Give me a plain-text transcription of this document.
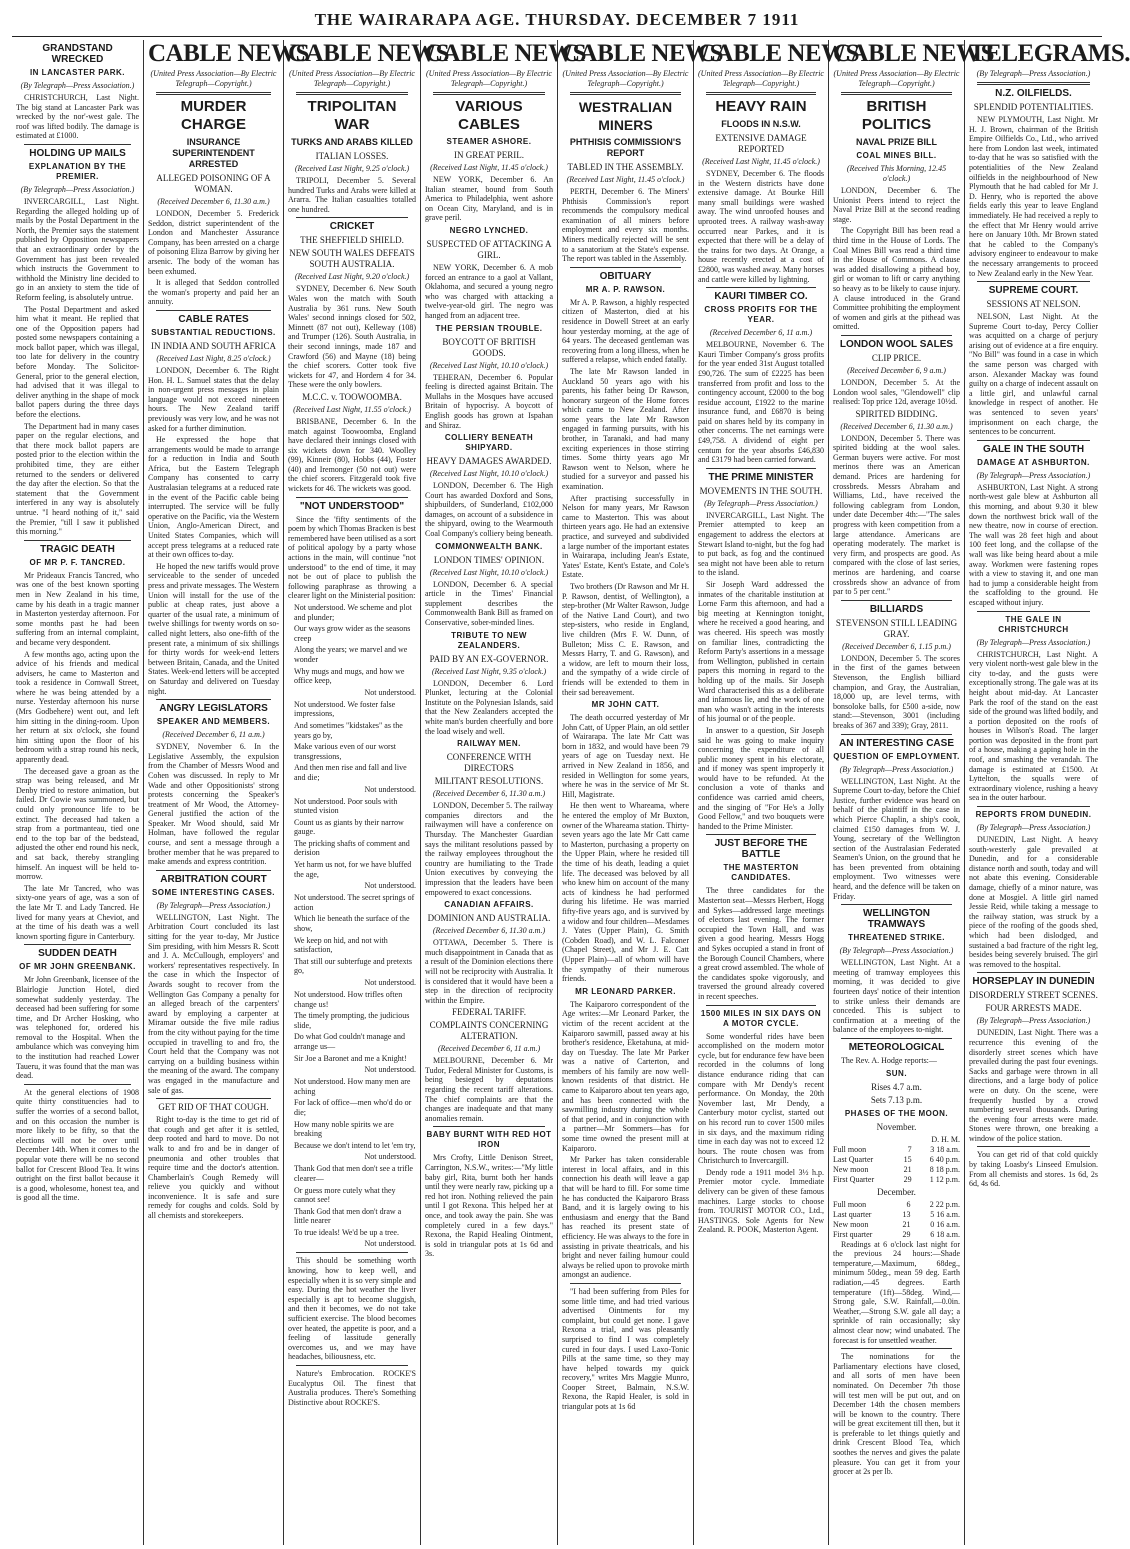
THE WAIRARAPA AGE. THURSDAY. DECEMBER 7 1911
GRANDSTAND WRECKED
IN LANCASTER PARK.
(By Telegraph—Press Association.)

CHRISTCHURCH, Last Night. The big stand at Lancaster Park was wrecked by the nor'-west gale. The roof was lifted bodily. The damage is estimated at £1000.

HOLDING UP MAILS
EXPLANATION BY THE PREMIER.
(By Telegraph—Press Association.)

INVERCARGILL, Last Night. Regarding the alleged holding up of mails by the Postal Department in the North, the Premier says the statement published by Opposition newspapers that an extraordinary order by the Government has just been revealed which instructs the Government to withhold the Ministry line decided to go in an anxiety to stem the tide of Reform feeling, is absolutely untrue.

The Postal Department and asked him what it meant. He replied that one of the Opposition papers had posted some newspapers containing a mock ballot paper, which was illegal, too late for delivery in the country before Monday. The Solicitor-General, prior to the general election, had advised that it was illegal to deliver anything in the shape of mock ballot papers during the three days before the elections.

The Department had in many cases paper on the regular elections, and that there mock ballot papers are posted prior to the election within the prohibited time, they are either returned to the senders or delivered the day after the election. So that the statement that the Government interfered in any way is absolutely untrue. "I heard nothing of it," said the Premier, "till I saw it published this morning."

TRAGIC DEATH
OF MR P. F. TANCRED.

Mr Prideaux Francis Tancred, who was one of the best known sporting men in New Zealand in his time, came by his death in a tragic manner in Masterton yesterday afternoon. For some months past he had been suffering from an internal complaint, and became very despondent.

A few months ago, acting upon the advice of his friends and medical advisers, he came to Masterton and took a residence in Cornwall Street, where he was being attended by a nurse. Yesterday afternoon his nurse (Mrs Godbehere) went out, and left him sitting in the dining-room. Upon her return at six o'clock, she found him sitting upon the floor of his bedroom with a strap round his neck, apparently dead.

The deceased gave a groan as the strap was being released, and Mr Denby tried to restore animation, but failed. Dr Cowie was summoned, but could only pronounce life to be extinct. The deceased had taken a strap from a portmanteau, tied one end to the top bar of the bedstead, adjusted the other end round his neck, and sat back, thereby strangling himself. An inquest will be held to-morrow.

The late Mr Tancred, who was sixty-one years of age, was a son of the late Mr T. and Lady Tancred. He lived for many years at Cheviot, and at the time of his death was a well known sporting figure in Canterbury.

SUDDEN DEATH
OF MR JOHN GREENBANK.

Mr John Greenbank, licensee of the Blairlogie Junction Hotel, died somewhat suddenly yesterday. The deceased had been suffering for some time, and Dr Archer Hosking, who was telephoned for, ordered his removal to the Hospital. When the ambulance which was conveying him to the institution had reached Lower Taueru, it was found that the man was dead.

At the general elections of 1908 quite thirty constituencies had to suffer the worries of a second ballot, and on this occasion the number is more likely to be fifty, so that the elections will not be over until December 14th. When it comes to the popular vote there will be no second ballot for Crescent Blood Tea. It wins outright on the first ballot because it is a good, wholesome, honest tea, and is good all the time.

CABLE NEWS
(United Press Association—By Electric Telegraph—Copyright.)
MURDER CHARGE
INSURANCE SUPERINTENDENT ARRESTED
ALLEGED POISONING OF A WOMAN.
(Received December 6, 11.30 a.m.)

LONDON, December 5. Frederick Seddon, district superintendent of the London and Manchester Assurance Company, has been arrested on a charge of poisoning Eliza Barrow by giving her arsenic. The body of the woman has been exhumed.

It is alleged that Seddon controlled the woman's property and paid her an annuity.

CABLE RATES
SUBSTANTIAL REDUCTIONS.
IN INDIA AND SOUTH AFRICA
(Received Last Night, 8.25 o'clock.)

LONDON, December 6. The Right Hon. H. L. Samuel states that the delay in non-urgent press messages in plain language would not exceed nineteen hours. The New Zealand tariff previously was very low, and he was not asked for a further diminution.

He expressed the hope that arrangements would be made to arrange for a reduction in India and South Africa, but the Eastern Telegraph Company has consented to carry Australasian telegrams at a reduced rate in the event of the Pacific cable being interrupted. The service will be fully operative on the Pacific, via the Western Union, Anglo-American Direct, and United States Companies, which will accept press telegrams at a reduced rate at their own offices to-day.

He hoped the new tariffs would prove serviceable to the sender of unceded press and private messages. The Western Union will install for the use of the public at cheap rates, just above a quarter of the usual rate, a minimum of twelve shillings for twenty words on so-called night letters, also one-fifth of the present rate, a minimum of six shillings for thirty words for week-end letters between Britain, Canada, and the United States. Week-end letters will be accepted on Saturday and delivered on Tuesday night.

ANGRY LEGISLATORS
SPEAKER AND MEMBERS.
(Received December 6, 11 a.m.)

SYDNEY, November 6. In the Legislative Assembly, the expulsion from the Chamber of Messrs Wood and Cohen was discussed. In reply to Mr Wade and other Oppositionists' strong protests concerning the Speaker's treatment of Mr Wood, the Attorney-General justified the action of the Speaker. Mr Wood should, said Mr Holman, have followed the regular course, and sent a message through a brother member that he was prepared to make amends and express contrition.

ARBITRATION COURT
SOME INTERESTING CASES.
(By Telegraph—Press Association.)

WELLINGTON, Last Night. The Arbitration Court concluded its last sitting for the year to-day, Mr Justice Sim presiding, with him Messrs R. Scott and J. A. McCullough, employers' and workers' representatives respectively. In the case in which the Inspector of Awards sought to recover from the Wellington Gas Company a penalty for an alleged breach of the carpenters' award by employing a carpenter at Miramar outside the five mile radius from the city without paying for the time occupied in travelling to and fro, the Court held that the Company was not carrying on a building business within the meaning of the award. The company was engaged in the manufacture and sale of gas.

GET RID OF THAT COUGH.

Right to-day is the time to get rid of that cough and get after it is settled, deep rooted and hard to move. Do not walk to and fro and be in danger of pneumonia and other troubles that require time and the doctor's attention. Chamberlain's Cough Remedy will relieve you quickly and without inconvenience. It is safe and sure remedy for coughs and colds. Sold by all chemists and storekeepers.

CABLE NEWS
(United Press Association—By Electric Telegraph—Copyright.)
TRIPOLITAN WAR
TURKS AND ARABS KILLED
ITALIAN LOSSES.
(Received Last Night, 9.25 o'clock.)

TRIPOLI, December 5. Several hundred Turks and Arabs were killed at Ararra. The Italian casualties totalled one hundred.

CRICKET
THE SHEFFIELD SHIELD.
NEW SOUTH WALES DEFEATS SOUTH AUSTRALIA.
(Received Last Night, 9.20 o'clock.)

SYDNEY, December 6. New South Wales won the match with South Australia by 361 runs. New South Wales' second innings closed for 502, Minnett (87 not out), Kelleway (108) and Trumper (126). South Australia, in their second innings, made 187 and Crawford (56) and Mayne (18) being the chief scorers. Cotter took five wickets for 47, and Hordern 4 for 34. These were the only bowlers.

M.C.C. v. TOOWOOMBA.
(Received Last Night, 11.55 o'clock.)

BRISBANE, December 6. In the match against Toowoomba, England have declared their innings closed with six wickets down for 340. Woolley (99), Kinneir (80), Hobbs (44), Foster (40) and Iremonger (50 not out) were the chief scorers. Fitzgerald took five wickets for 46. The wickets was good.

"NOT UNDERSTOOD"

Since the 'fifty sentiments of the poem by which Thomas Bracken is best remembered have been utilised as a sort of political apology by a party whose actions in the main, will continue "not understood" to the end of time, it may not be out of place to publish the following paraphrase as throwing a clearer light on the Ministerial position:

Not understood. We scheme and plot and plunder;

Our ways grow wider as the seasons creep

Along the years; we marvel and we wonder

Why mugs and mugs, and how we office keep,

Not understood.

Not understood. We foster false impressions,

And sometimes "kidstakes" as the years go by,

Make various even of our worst transgressions,

And then men rise and fall and live and die;

Not understood.

Not understood. Poor souls with stunted vision

Count us as giants by their narrow gauge.

The pricking shafts of comment and derision

Yet harm us not, for we have bluffed the age,

Not understood.

Not understood. The secret springs of action

Which lie beneath the surface of the show,

We keep on hid, and not with satisfaction,

That still our subterfuge and pretexts go,

Not understood.

Not understood. How trifles often change us!

The timely prompting, the judicious slide,

Do what God couldn't manage and arrange us—

Sir Joe a Baronet and me a Knight!

Not understood.

Not understood. How many men are aching

For lack of office—men who'd do or die;

How many noble spirits we are breaking

Because we don't intend to let 'em try,

Not understood.

Thank God that men don't see a trifle clearer—

Or guess more cutely what they cannot see!

Thank God that men don't draw a little nearer

To true ideals! We'd be up a tree.

Not understood.

This should be something worth knowing, how to keep well, and especially when it is so very simple and easy. During the hot weather the liver especially is apt to become sluggish, and then it becomes, we do not take sufficient exercise. The blood becomes over heated, the appetite is poor, and a feeling of lassitude generally overcomes us, and we may have headaches, biliousness, etc.

Nature's Embrocation. ROCKE'S Eucalyptus Oil. The finest that Australia produces. There's Something Distinctive about ROCKE'S.

CABLE NEWS
(United Press Association—By Electric Telegraph—Copyright.)
VARIOUS CABLES
STEAMER ASHORE.
IN GREAT PERIL.
(Received Last Night, 11.45 o'clock.)

NEW YORK, December 6. An Italian steamer, bound from South America to Philadelphia, went ashore on Ocean City, Maryland, and is in grave peril.

NEGRO LYNCHED.
SUSPECTED OF ATTACKING A GIRL.

NEW YORK, December 6. A mob forced an entrance to a gaol at Vallant, Oklahoma, and secured a young negro who was charged with attacking a twelve-year-old girl. The negro was hanged from an adjacent tree.

THE PERSIAN TROUBLE.
BOYCOTT OF BRITISH GOODS.
(Received Last Night, 10.10 o'clock.)

TEHERAN, December 6. Popular feeling is directed against Britain. The Mullahs in the Mosques have accused Britain of hypocrisy. A boycott of English goods has grown at Ispahan and Shiraz.

COLLIERY BENEATH SHIPYARD.
HEAVY DAMAGES AWARDED.
(Received Last Night, 10.10 o'clock.)

LONDON, December 6. The High Court has awarded Doxford and Sons, shipbuilders, of Sunderland, £102,000 damages, on account of a subsidence in the shipyard, owing to the Wearmouth Coal Company's colliery being beneath.

COMMONWEALTH BANK.
LONDON TIMES' OPINION.
(Received Last Night, 10.10 o'clock.)

LONDON, December 6. A special article in the Times' Financial supplement describes the Commonwealth Bank Bill as framed on Conservative, sober-minded lines.

TRIBUTE TO NEW ZEALANDERS.
PAID BY AN EX-GOVERNOR.
(Received Last Night, 9.35 o'clock.)

LONDON, December 6. Lord Plunket, lecturing at the Colonial Institute on the Polynesian Islands, said that the New Zealanders accepted the white man's burden cheerfully and bore the load wisely and well.

RAILWAY MEN.
CONFERENCE WITH DIRECTORS
MILITANT RESOLUTIONS.
(Received December 6, 11.30 a.m.)

LONDON, December 5. The railway companies directors and the railwaymen will have a conference on Thursday. The Manchester Guardian says the militant resolutions passed by the railway employees throughout the country are humiliating to the Trade Union executives by conveying the impression that the leaders have been empowered to exact concessions.

CANADIAN AFFAIRS.
DOMINION AND AUSTRALIA.
(Received December 6, 11.30 a.m.)

OTTAWA, December 5. There is much disappointment in Canada that as a result of the Dominion elections there will not be reciprocity with Australia. It is considered that it would have been a step in the direction of reciprocity within the Empire.

FEDERAL TARIFF.
COMPLAINTS CONCERNING ALTERATION.
(Received December 6, 11 a.m.)

MELBOURNE, December 6. Mr Tudor, Federal Minister for Customs, is being besieged by deputations regarding the recent tariff alterations. The chief complaints are that the changes are inadequate and that many anomalies remain.

BABY BURNT WITH RED HOT IRON

Mrs Crofty, Little Denison Street, Carrington, N.S.W., writes:—"My little baby girl, Rita, burnt both her hands until they were nearly raw, picking up a red hot iron. Nothing relieved the pain until I got Rexona. This helped her at once, and took away the pain. She was completely cured in a few days." Rexona, the Rapid Healing Ointment, is sold in triangular pots at 1s 6d and 3s.

CABLE NEWS
(United Press Association—By Electric Telegraph—Copyright.)
WESTRALIAN MINERS
PHTHISIS COMMISSION'S REPORT
TABLED IN THE ASSEMBLY.
(Received Last Night, 11.45 o'clock.)

PERTH, December 6. The Miners' Phthisis Commission's report recommends the compulsory medical examination of all miners before employment and every six months. Miners medically rejected will be sent to a sanatorium at the State's expense. The report was tabled in the Assembly.

OBITUARY
MR A. P. RAWSON.

Mr A. P. Rawson, a highly respected citizen of Masterton, died at his residence in Dowell Street at an early hour yesterday morning, at the age of 64 years. The deceased gentleman was recovering from a long illness, when he suffered a relapse, which ended fatally.

The late Mr Rawson landed in Auckland 50 years ago with his parents, his father being Dr Rawson, honorary surgeon of the Home forces which came to New Zealand. After some years the late Mr Rawson engaged in farming pursuits, with his brother, in Taranaki, and had many exciting experiences in those stirring times. Some thirty years ago Mr Rawson went to Nelson, where he studied for a surveyor and passed his examination.

After practising successfully in Nelson for many years, Mr Rawson came to Masterton. This was about thirteen years ago. He had an extensive practice, and surveyed and subdivided a large number of the important estates in Wairarapa, including Jean's Estate, Yates' Estate, Kent's Estate, and Cole's Estate.

Two brothers (Dr Rawson and Mr H. P. Rawson, dentist, of Wellington), a step-brother (Mr Walter Rawson, Judge of the Native Land Court), and two step-sisters, who reside in England, live children (Mrs F. W. Dunn, of Bulleton; Miss C. E. Rawson, and Messrs Harry, T. and G. Rawson), and a widow, are left to mourn their loss, and the sympathy of a wide circle of friends will be extended to them in their sad bereavement.

MR JOHN CATT.

The death occurred yesterday of Mr John Catt, of Upper Plain, an old settler of Wairarapa. The late Mr Catt was born in 1832, and would have been 79 years of age on Tuesday next. He arrived in New Zealand in 1856, and resided in Wellington for some years, where he was in the service of Mr St. Hill, Magistrate.

He then went to Whareama, where he entered the employ of Mr Buxton, owner of the Whareama station. Thirty-seven years ago the late Mr Catt came to Masterton, purchasing a property on the Upper Plain, where he resided till the time of his death, leading a quiet life. The deceased was beloved by all who knew him on account of the many acts of kindness he had performed during his lifetime. He was married fifty-five years ago, and is survived by a widow and four children—Mesdames J. Yates (Upper Plain), G. Smith (Cobden Road), and W. L. Falconer (Chapel Street), and Mr J. E. Catt (Upper Plain)—all of whom will have the sympathy of their numerous friends.

MR LEONARD PARKER.

The Kaiparoro correspondent of the Age writes:—Mr Leonard Parker, the victim of the recent accident at the Kaiparoro sawmill, passed away at his brother's residence, Eketahuna, at mid-day on Tuesday. The late Mr Parker was a native of Carterton, and members of his family are now well-known residents of that district. He came to Kaiparoro about ten years ago, and has been connected with the sawmilling industry during the whole of that period, and in conjunction with a partner—Mr Sommers—has for some time owned the present mill at Kaiparoro.

Mr Parker has taken considerable interest in local affairs, and in this connection his death will leave a gap that will be hard to fill. For some time he has conducted the Kaiparoro Brass Band, and it is largely owing to his enthusiasm and energy that the Band has reached its present state of efficiency. He was always to the fore in assisting in private theatricals, and his bright and never failing humour could always be relied upon to provoke mirth amongst an audience.

"I had been suffering from Piles for some little time, and had tried various advertised Ointments for my complaint, but could get none. I gave Rexona a trial, and was pleasantly surprised to find I was completely cured in four days. I used Laxo-Tonic Pills at the same time, so they may have helped towards my quick recovery," writes Mrs Maggie Munro, Cooper Street, Balmain, N.S.W. Rexona, the Rapid Healer, is sold in triangular pots at 1s 6d

CABLE NEWS
(United Press Association—By Electric Telegraph—Copyright.)
HEAVY RAIN
FLOODS IN N.S.W.
EXTENSIVE DAMAGE REPORTED
(Received Last Night, 11.45 o'clock.)

SYDNEY, December 6. The floods in the Western districts have done extensive damage. At Bourke Hill many small buildings were washed away. The wind unroofed houses and uprooted trees. A railway wash-away occurred near Parkes, and it is expected that there will be a delay of the trains for two days. At Orange, a house recently erected at a cost of £2800, was washed away. Many horses and cattle were killed by lightning.

KAURI TIMBER CO.
CROSS PROFITS FOR THE YEAR.
(Received December 6, 11 a.m.)

MELBOURNE, November 6. The Kauri Timber Company's gross profits for the year ended 31st August totalled £90,726. The sum of £2225 has been transferred from profit and loss to the contingency account, £2000 to the bog residue account, £1922 to the marine insurance fund, and £6870 is being paid on shares held by its company in other concerns. The net earnings were £49,758. A dividend of eight per centum for the year absorbs £46,830 and £3179 had been carried forward.

THE PRIME MINISTER
MOVEMENTS IN THE SOUTH.
(By Telegraph—Press Association.)

INVERCARGILL, Last Night. The Premier attempted to keep an engagement to address the electors at Stewart Island to-night, but the fog had to put back, as fog and the continued sea might not have been able to return to the island.

Sir Joseph Ward addressed the inmates of the charitable institution at Lorne Farm this afternoon, and had a big meeting at Kennington tonight, where he received a good hearing, and was cheered. His speech was mostly on familiar lines, contradicting the Reform Party's assertions in a message from Wellington, published in certain papers this morning in regard to the holding up of the mails. Sir Joseph Ward characterised this as a deliberate and infamous lie, and the work of one man who wasn't acting in the interests of his journal or of the people.

In answer to a question, Sir Joseph said he was going to make inquiry concerning the expenditure of all public money spent in his electorate, and if money was spent improperly it would have to be refunded. At the conclusion a vote of thanks and confidence was carried amid cheers, and the singing of "For He's a Jolly Good Fellow," and two bouquets were handed to the Prime Minister.

JUST BEFORE THE BATTLE
THE MASTERTON CANDIDATES.

The three candidates for the Masterton seat—Messrs Herbert, Hogg and Sykes—addressed large meetings of electors last evening. The former occupied the Town Hall, and was given a good hearing. Messrs Hogg and Sykes occupied a stand in front of the Borough Council Chambers, where a great crowd assembled. The whole of the candidates spoke vigorously, and traversed the ground already covered in recent speeches.

1500 MILES IN SIX DAYS ON A MOTOR CYCLE.

Some wonderful rides have been accomplished on the modern motor cycle, but for endurance few have been recorded in the columns of long distance endurance riding that can compare with Mr Dendy's recent performance. On Monday, the 20th November last, Mr Dendy, a Canterbury motor cyclist, started out on his record run to cover 1500 miles in six days, and the maximum riding time in each day was not to exceed 12 hours. The route chosen was from Christchurch to Invercargill.

Dendy rode a 1911 model 3½ h.p. Premier motor cycle. Immediate delivery can be given of these famous machines. Large stocks to choose from. TOURIST MOTOR CO., Ltd., HASTINGS. Sole Agents for New Zealand. R. POOK, Masterton Agent.

CABLE NEWS
(United Press Association—By Electric Telegraph—Copyright.)
BRITISH POLITICS
NAVAL PRIZE BILL
COAL MINES BILL.
(Received This Morning, 12.45 o'clock.)

LONDON, December 6. The Unionist Peers intend to reject the Naval Prize Bill at the second reading stage.

The Copyright Bill has been read a third time in the House of Lords. The Coal Mines Bill was read a third time in the House of Commons. A clause was added disallowing a pithead boy, girl or woman to lift or carry anything so heavy as to be likely to cause injury. A clause introduced in the Grand Committee prohibiting the employment of women and girls at the pithead was omitted.

LONDON WOOL SALES
CLIP PRICE.
(Received December 6, 9 a.m.)

LONDON, December 5. At the London wool sales, "Glendowell" clip realised: Top price 12d, average 10½d.

SPIRITED BIDDING.
(Received December 6, 11.30 a.m.)

LONDON, December 5. There was spirited bidding at the wool sales. German buyers were active. For most merinos there was an American demand. Prices are hardening for crossbreds. Messrs Abraham and Williams, Ltd., have received the following cablegram from London, under date December 4th:—"The sales progress with keen competition from a large attendance. Americans are operating moderately. The market is very firm, and prospects are good. As compared with the close of last series, merinos are hardening, and coarse crossbreds show an advance of from par to 5 per cent."

BILLIARDS
STEVENSON STILL LEADING GRAY.
(Received December 6, 1.15 p.m.)

LONDON, December 5. The scores in the first of the games between Stevenson, the English billiard champion, and Gray, the Australian, 18,000 up, are level terms, with bonsoloke balls, for £500 a-side, now stand:—Stevenson, 3001 (including breaks of 367 and 339); Gray, 2811.

AN INTERESTING CASE
QUESTION OF EMPLOYMENT.
(By Telegraph—Press Association.)

WELLINGTON, Last Night. At the Supreme Court to-day, before the Chief Justice, further evidence was heard on behalf of the plaintiff in the case in which Pierce Chaplin, a ship's cook, claimed £150 damages from W. J. Young, secretary of the Wellington section of the Australasian Federated Seamen's Union, on the ground that he has been prevented from obtaining employment. Two witnesses were heard, and the defence will be taken on Friday.

WELLINGTON TRAMWAYS
THREATENED STRIKE.
(By Telegraph—Press Association.)

WELLINGTON, Last Night. At a meeting of tramway employees this morning, it was decided to give fourteen days' notice of their intention to strike unless their demands are conceded. This is subject to confirmation at a meeting of the balance of the employees to-night.

METEOROLOGICAL

The Rev. A. Hodge reports:—

SUN.
Rises 4.7 a.m.
Sets 7.13 p.m.
PHASES OF THE MOON.
November.
	D. H. M.	
Full moon	7	3 18 a.m.
Last Quarter	15	6 40 p.m.
New moon	21	8 18 p.m.
First Quarter	29	1 12 p.m.
December.
Full moon	6	2 22 p.m.
Last quarter	13	5 16 a.m.
New moon	21	0 16 a.m.
First quarter	29	6 18 a.m.

Readings at 6 o'clock last night for the previous 24 hours:—Shade temperature,—Maximum, 68deg., minimum 50deg., mean 59 deg. Earth radiation,—45 degrees. Earth temperature (1ft)—58deg. Wind,—Strong gale, S.W. Rainfall,—0.0in. Weather,—Strong S.W. gale all day; a sprinkle of rain occasionally; sky almost clear now; wind unabated. The forecast is for unsettled weather.

The nominations for the Parliamentary elections have closed, and all sorts of men have been nominated. On December 7th those will test men will be put out, and on December 14th the chosen members will be known to the country. There will be great excitement till then, but it is preferable to let things quietly and drink Crescent Blood Tea, which soothes the nerves and gives the palate pleasure. You can get it from your grocer at 2s per lb.

TELEGRAMS.
(By Telegraph—Press Association.)
N.Z. OILFIELDS.
SPLENDID POTENTIALITIES.

NEW PLYMOUTH, Last Night. Mr H. J. Brown, chairman of the British Empire Oilfields Co., Ltd., who arrived here from London last week, intimated to-day that he was so satisfied with the potentialities of the New Zealand oilfields in the neighbourhood of New Plymouth that he had cabled for Mr J. D. Henry, who is reported the above fields early this year to leave England immediately. He had received a reply to the effect that Mr Henry would arrive here on January 10th. Mr Brown stated that he cabled to the Company's advisory engineer to endeavour to make the necessary arrangements to proceed to New Zealand early in the New Year.

SUPREME COURT.
SESSIONS AT NELSON.

NELSON, Last Night. At the Supreme Court to-day, Percy Collier was acquitted on a charge of perjury arising out of evidence at a fire enquiry. "No Bill" was found in a case in which the same person was charged with arson. Alexander Mackay was found guilty on a charge of indecent assault on a little girl, and unlawful carnal knowledge in respect of another. He was sentenced to seven years' imprisonment on each charge, the sentences to be concurrent.

GALE IN THE SOUTH
DAMAGE AT ASHBURTON.
(By Telegraph—Press Association.)

ASHBURTON, Last Night. A strong north-west gale blew at Ashburton all this morning, and about 9.30 it blew down the northwest brick wall of the new theatre, now in course of erection. The wall was 28 feet high and about 100 feet long, and the collapse of the wall was like being heard about a mile away. Workmen were fastening ropes with a view to staving it, and one man had to jump a considerable height from the scaffolding to the ground. He escaped without injury.

THE GALE IN CHRISTCHURCH
(By Telegraph—Press Association.)

CHRISTCHURCH, Last Night. A very violent north-west gale blew in the city to-day, and the gusts were exceptionally strong. The gale was at its height about mid-day. At Lancaster Park the roof of the stand on the east side of the ground was lifted bodily, and a portion deposited on the roofs of houses in Wilson's Road. The larger portion was deposited in the front part of a house, making a gaping hole in the roof, and smashing the verandah. The damage is estimated at £1500. At Lyttelton, the squalls were of extraordinary violence, rushing a heavy sea in the outer harbour.

REPORTS FROM DUNEDIN.
(By Telegraph—Press Association.)

DUNEDIN, Last Night. A heavy south-westerly gale prevailed at Dunedin, and for a considerable distance north and south, today and will not abate this evening. Considerable damage, chiefly of a minor nature, was done at Mosgiel. A little girl named Jessie Reid, while taking a message to the railway station, was struck by a piece of the roofing of the goods shed, which had been dislodged, and sustained a bad fracture of the right leg, besides being severely bruised. The girl was removed to the hospital.

HORSEPLAY IN DUNEDIN
DISORDERLY STREET SCENES.
FOUR ARRESTS MADE.
(By Telegraph—Press Association.)

DUNEDIN, Last Night. There was a recurrence this evening of the disorderly street scenes which have prevailed during the past four evenings. Sacks and garbage were thrown in all directions, and a large body of police were on duty. On the scene, were frequently hustled by a crowd numbering several thousands. During the evening four arrests were made. Stones were thrown, one breaking a window of the police station.

You can get rid of that cold quickly by taking Loasby's Linseed Emulsion. From all chemists and stores. 1s 6d, 2s 6d, 4s 6d.
